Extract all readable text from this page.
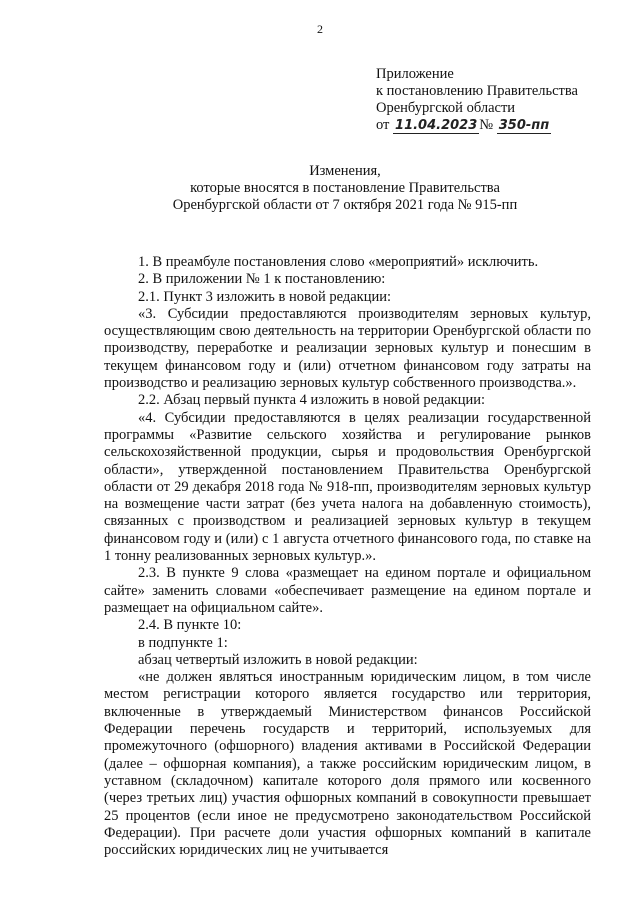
2
Приложение
к постановлению Правительства
Оренбургской области
от 11.04.2023 № 350-пп
Изменения,
которые вносятся в постановление Правительства
Оренбургской области от 7 октября 2021 года № 915-пп

1. В преамбуле постановления слово «мероприятий» исключить.

2. В приложении № 1 к постановлению:

2.1. Пункт 3 изложить в новой редакции:

«3. Субсидии предоставляются производителям зерновых культур, осуществляющим свою деятельность на территории Оренбургской области по производству, переработке и реализации зерновых культур и понесшим в текущем финансовом году и (или) отчетном финансовом году затраты на производство и реализацию зерновых культур собственного производства.».

2.2. Абзац первый пункта 4 изложить в новой редакции:

«4. Субсидии предоставляются в целях реализации государственной программы «Развитие сельского хозяйства и регулирование рынков сельскохозяйственной продукции, сырья и продовольствия Оренбургской области», утвержденной постановлением Правительства Оренбургской области от 29 декабря 2018 года № 918-пп, производителям зерновых культур на возмещение части затрат (без учета налога на добавленную стоимость), связанных с производством и реализацией зерновых культур в текущем финансовом году и (или) с 1 августа отчетного финансового года, по ставке на 1 тонну реализованных зерновых культур.».

2.3. В пункте 9 слова «размещает на едином портале и официальном сайте» заменить словами «обеспечивает размещение на едином портале и размещает на официальном сайте».

2.4. В пункте 10:

в подпункте 1:

абзац четвертый изложить в новой редакции:

«не должен являться иностранным юридическим лицом, в том числе местом регистрации которого является государство или территория, включенные в утверждаемый Министерством финансов Российской Федерации перечень государств и территорий, используемых для промежуточного (офшорного) владения активами в Российской Федерации (далее – офшорная компания), а также российским юридическим лицом, в уставном (складочном) капитале которого доля прямого или косвенного (через третьих лиц) участия офшорных компаний в совокупности превышает 25 процентов (если иное не предусмотрено законодательством Российской Федерации). При расчете доли участия офшорных компаний в капитале российских юридических лиц не учитывается
